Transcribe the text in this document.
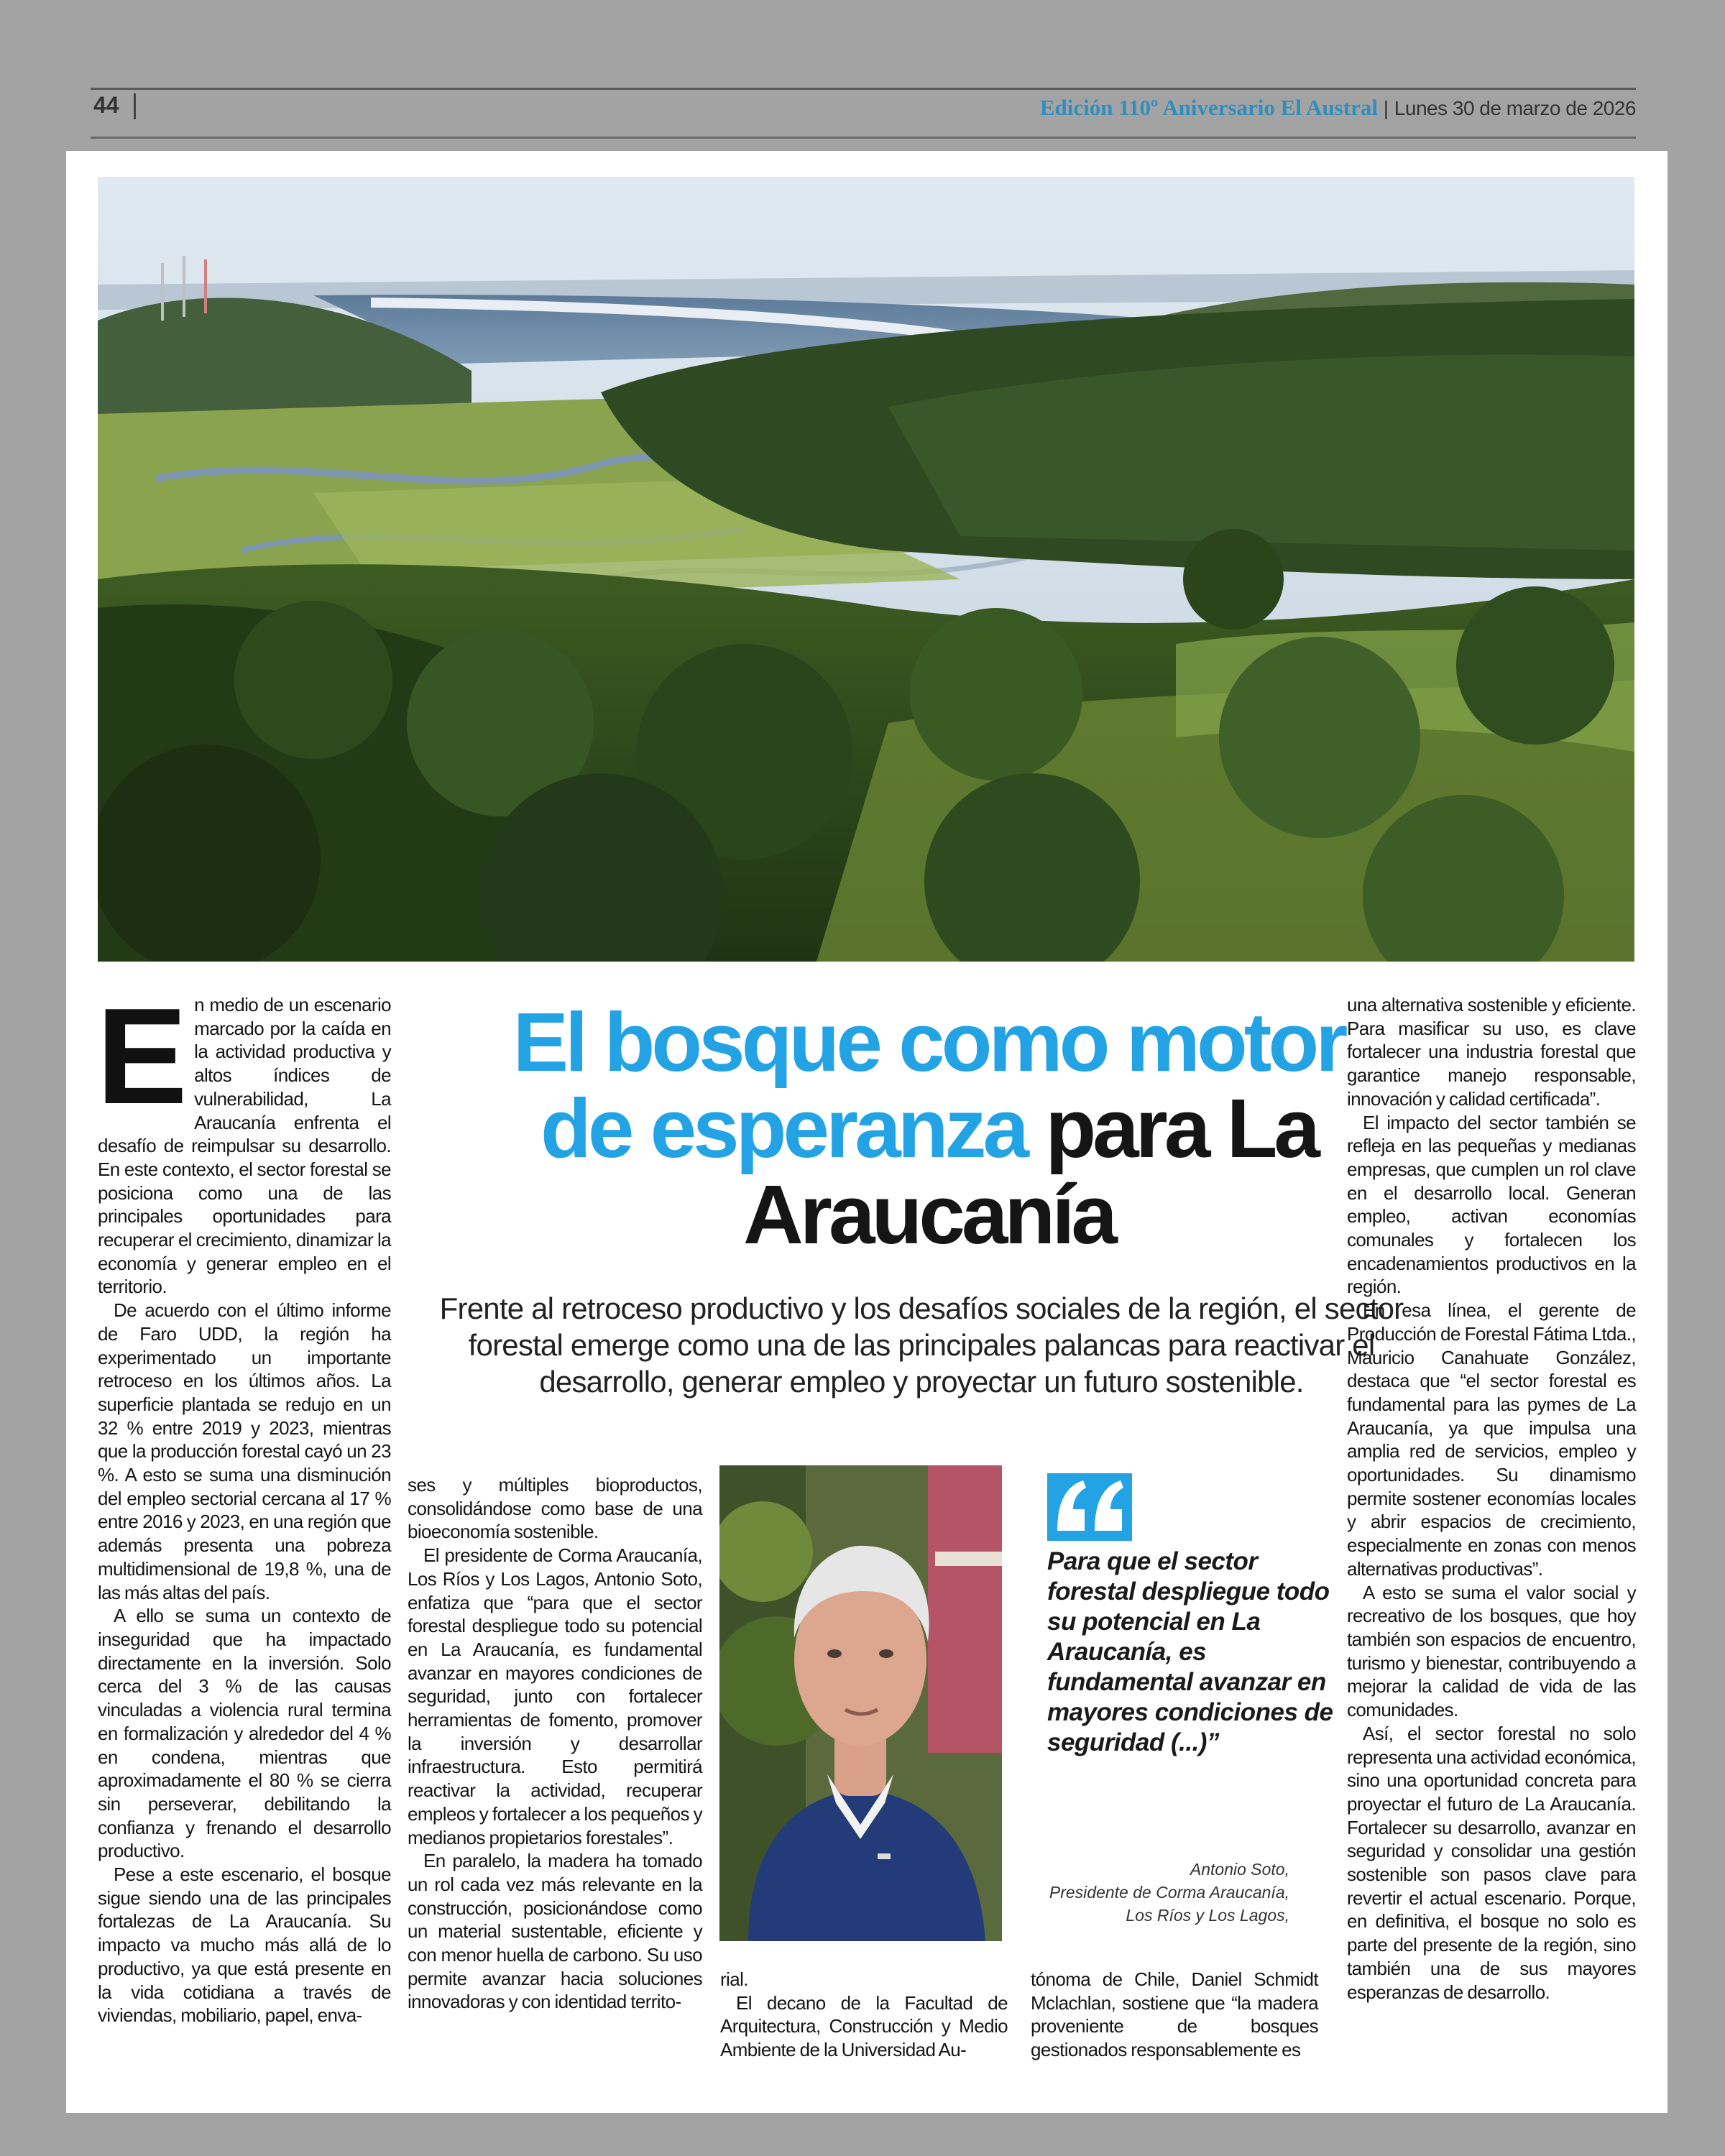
44	Edición 110º Aniversario El Austral | Lunes 30 de marzo de 2026
E n medio de un escenario marcado por la caída en la actividad productiva y altos índices de vulnerabilidad, La Araucanía enfrenta el desafío de reimpulsar su desarrollo. En este contexto, el sector forestal se posiciona como una de las principales oportunidades para recuperar el crecimiento, dinamizar la economía y generar empleo en el territorio.

De acuerdo con el último informe de Faro UDD, la región ha experimentado un importante retroceso en los últimos años. La superficie plantada se redujo en un 32 % entre 2019 y 2023, mientras que la producción forestal cayó un 23 %. A esto se suma una disminución del empleo sectorial cercana al 17 % entre 2016 y 2023, en una región que además presenta una pobreza multidimensional de 19,8 %, una de las más altas del país.

A ello se suma un contexto de inseguridad que ha impactado directamente en la inversión. Solo cerca del 3 % de las causas vinculadas a violencia rural termina en formalización y alrededor del 4 % en condena, mientras que aproximadamente el 80 % se cierra sin perseverar, debilitando la confianza y frenando el desarrollo productivo.

Pese a este escenario, el bosque sigue siendo una de las principales fortalezas de La Araucanía. Su impacto va mucho más allá de lo productivo, ya que está presente en la vida cotidiana a través de viviendas, mobiliario, papel, enva-

El bosque como motor de esperanza para La Araucanía
Frente al retroceso productivo y los desafíos sociales de la región, el sector forestal emerge como una de las principales palancas para reactivar el desarrollo, generar empleo y proyectar un futuro sostenible.

ses y múltiples bioproductos, consolidándose como base de una bioeconomía sostenible.

El presidente de Corma Araucanía, Los Ríos y Los Lagos, Antonio Soto, enfatiza que “para que el sector forestal despliegue todo su potencial en La Araucanía, es fundamental avanzar en mayores condiciones de seguridad, junto con fortalecer herramientas de fomento, promover la inversión y desarrollar infraestructura. Esto permitirá reactivar la actividad, recuperar empleos y fortalecer a los pequeños y medianos propietarios forestales”.

En paralelo, la madera ha tomado un rol cada vez más relevante en la construcción, posicionándose como un material sustentable, eficiente y con menor huella de carbono. Su uso permite avanzar hacia soluciones innovadoras y con identidad territo-

rial.

El decano de la Facultad de Arquitectura, Construcción y Medio Ambiente de la Universidad Au-

Para que el sector forestal despliegue todo su potencial en La Araucanía, es fundamental avanzar en mayores condiciones de seguridad (...)”
Antonio Soto,
Presidente de Corma Araucanía, Los Ríos y Los Lagos,

tónoma de Chile, Daniel Schmidt Mclachlan, sostiene que “la madera proveniente de bosques gestionados responsablemente es

una alternativa sostenible y eficiente. Para masificar su uso, es clave fortalecer una industria forestal que garantice manejo responsable, innovación y calidad certificada”.

El impacto del sector también se refleja en las pequeñas y medianas empresas, que cumplen un rol clave en el desarrollo local. Generan empleo, activan economías comunales y fortalecen los encadenamientos productivos en la región.

En esa línea, el gerente de Producción de Forestal Fátima Ltda., Mauricio Canahuate González, destaca que “el sector forestal es fundamental para las pymes de La Araucanía, ya que impulsa una amplia red de servicios, empleo y oportunidades. Su dinamismo permite sostener economías locales y abrir espacios de crecimiento, especialmente en zonas con menos alternativas productivas”.

A esto se suma el valor social y recreativo de los bosques, que hoy también son espacios de encuentro, turismo y bienestar, contribuyendo a mejorar la calidad de vida de las comunidades.

Así, el sector forestal no solo representa una actividad económica, sino una oportunidad concreta para proyectar el futuro de La Araucanía. Fortalecer su desarrollo, avanzar en seguridad y consolidar una gestión sostenible son pasos clave para revertir el actual escenario. Porque, en definitiva, el bosque no solo es parte del presente de la región, sino también una de sus mayores esperanzas de desarrollo.
